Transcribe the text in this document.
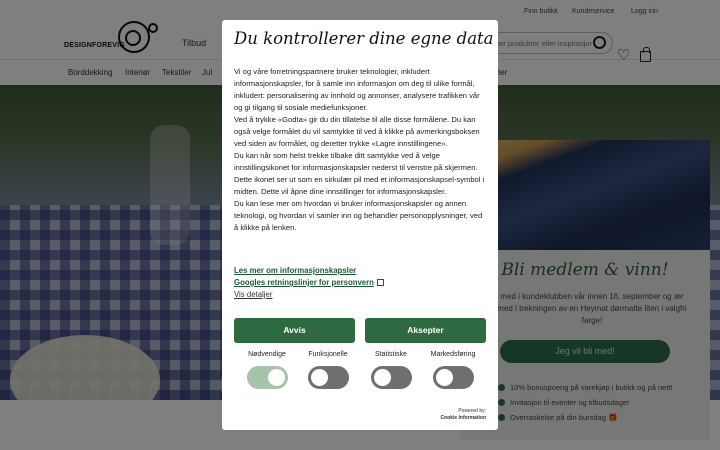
ter produkter eller inspirasjon
Du kontrollerer dine egne data

Vi og våre forretningspartnere bruker teknologier, inkludert informasjonskapsler, for å samle inn informasjon om deg til ulike formål, inkludert: personalisering av innhold og annonser, analysere trafikken vår og gi tilgang til sosiale mediefunksjoner.

Ved å trykke «Godta» gir du din tillatelse til alle disse formålene. Du kan også velge formålet du vil samtykke til ved å klikke på avmerkingsboksen ved siden av formålet, og deretter trykke «Lagre innstillingene».

Du kan når som helst trekke tilbake ditt samtykke ved å velge innstillingsikonet for informasjonskapsler nederst til venstre på skjermen. Dette ikonet ser ut som en sirkulær pil med et informasjonskapsel-symbol i midten. Dette vil åpne dine innstillinger for informasjonskapsler.

Du kan lese mer om hvordan vi bruker informasjonskapsler og annen teknologi, og hvordan vi samler inn og behandler personopplysninger, ved å klikke på lenken.

Les mer om informasjonskapsler
Googles retningslinjer for personvern
Vis detaljer
Avvis	Aksepter
Nødvendige	Funksjonelle	Statistiske	Markedsføring
Powered by:
Cookie Information
